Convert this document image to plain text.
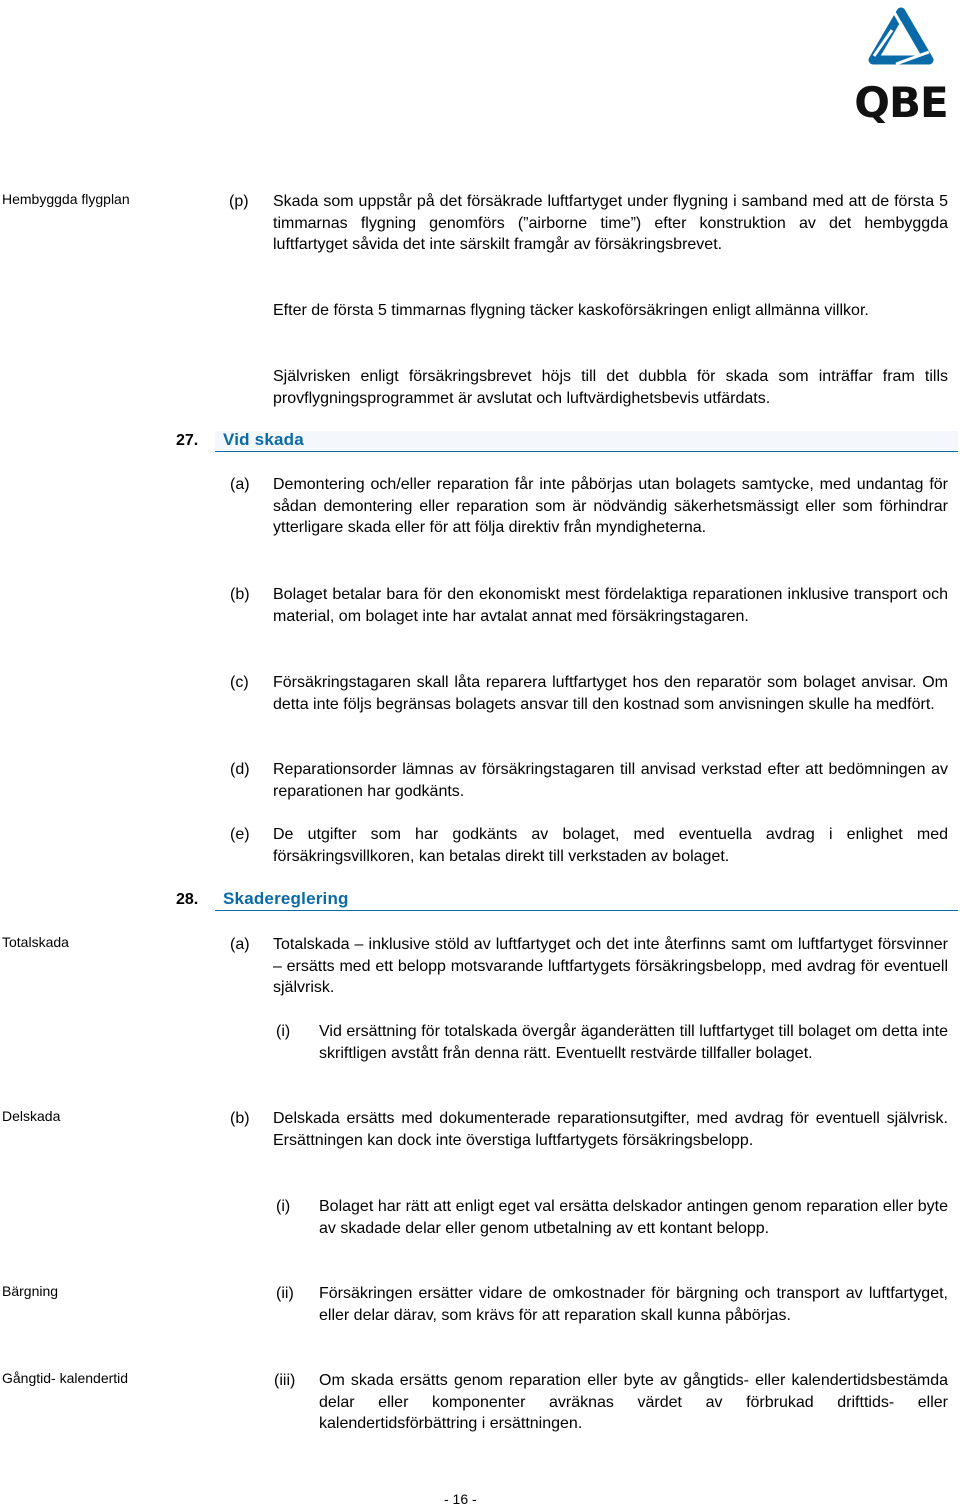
QBE
Hembyggda flygplan
Totalskada
Delskada
Bärgning
Gångtid- kalendertid
(p) Skada som uppstår på det försäkrade luftfartyget under flygning i samband med att de första 5 timmarnas flygning genomförs (”airborne time”) efter konstruktion av det hembyggda luftfartyget såvida det inte särskilt framgår av försäkringsbrevet.
Efter de första 5 timmarnas flygning täcker kaskoförsäkringen enligt allmänna villkor.
Självrisken enligt försäkringsbrevet höjs till det dubbla för skada som inträffar fram tills provflygningsprogrammet är avslutat och luftvärdighetsbevis utfärdats.
27. Vid skada
(a) Demontering och/eller reparation får inte påbörjas utan bolagets samtycke, med undantag för sådan demontering eller reparation som är nödvändig säkerhetsmässigt eller som förhindrar ytterligare skada eller för att följa direktiv från myndigheterna.
(b) Bolaget betalar bara för den ekonomiskt mest fördelaktiga reparationen inklusive transport och material, om bolaget inte har avtalat annat med försäkringstagaren.
(c) Försäkringstagaren skall låta reparera luftfartyget hos den reparatör som bolaget anvisar. Om detta inte följs begränsas bolagets ansvar till den kostnad som anvisningen skulle ha medfört.
(d) Reparationsorder lämnas av försäkringstagaren till anvisad verkstad efter att bedömningen av reparationen har godkänts.
(e) De utgifter som har godkänts av bolaget, med eventuella avdrag i enlighet med försäkringsvillkoren, kan betalas direkt till verkstaden av bolaget.
28. Skadereglering
(a) Totalskada – inklusive stöld av luftfartyget och det inte återfinns samt om luftfartyget försvinner – ersätts med ett belopp motsvarande luftfartygets försäkringsbelopp, med avdrag för eventuell självrisk.
(i) Vid ersättning för totalskada övergår äganderätten till luftfartyget till bolaget om detta inte skriftligen avstått från denna rätt. Eventuellt restvärde tillfaller bolaget.
(b) Delskada ersätts med dokumenterade reparationsutgifter, med avdrag för eventuell självrisk. Ersättningen kan dock inte överstiga luftfartygets försäkringsbelopp.
(i) Bolaget har rätt att enligt eget val ersätta delskador antingen genom reparation eller byte av skadade delar eller genom utbetalning av ett kontant belopp.
(ii) Försäkringen ersätter vidare de omkostnader för bärgning och transport av luftfartyget, eller delar därav, som krävs för att reparation skall kunna påbörjas.
(iii) Om skada ersätts genom reparation eller byte av gångtids- eller kalendertidsbestämda delar eller komponenter avräknas värdet av förbrukad drifttids- eller kalendertidsförbättring i ersättningen.
- 16 -
